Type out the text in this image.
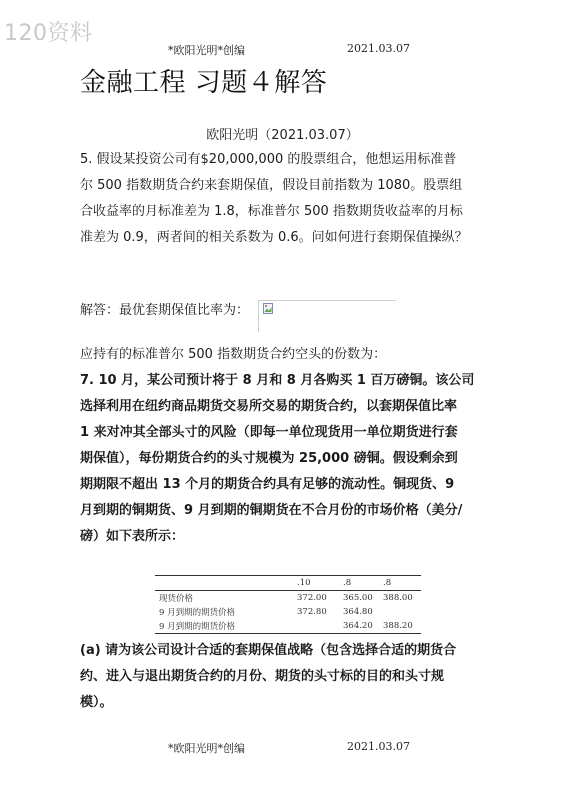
120资料
*欧阳光明*创编	2021.03.07
金融工程 习题４解答
欧阳光明（2021.03.07）
5. 假设某投资公司有$20,000,000 的股票组合，他想运用标准普
尔 500 指数期货合约来套期保值，假设目前指数为 1080。股票组
合收益率的月标准差为 1.8，标准普尔 500 指数期货收益率的月标
准差为 0.9，两者间的相关系数为 0.6。问如何进行套期保值操纵？
解答：最优套期保值比率为：
应持有的标准普尔 500 指数期货合约空头的份数为：
7. 10 月，某公司预计将于 8 月和 8 月各购买 1 百万磅铜。该公司
选择利用在纽约商品期货交易所交易的期货合约，以套期保值比率
1 来对冲其全部头寸的风险（即每一单位现货用一单位期货进行套
期保值），每份期货合约的头寸规模为 25,000 磅铜。假设剩余到
期期限不超出 13 个月的期货合约具有足够的流动性。铜现货、9
月到期的铜期货、9 月到期的铜期货在不合月份的市场价格（美分/
磅）如下表所示：
	.10	.8	.8
现货价格	372.00	365.00	388.00
9 月到期的期货价格	372.80	364.80	
9 月到期的期货价格		364.20	388.20
(a) 请为该公司设计合适的套期保值战略（包含选择合适的期货合
约、进入与退出期货合约的月份、期货的头寸标的目的和头寸规
模）。
*欧阳光明*创编	2021.03.07
